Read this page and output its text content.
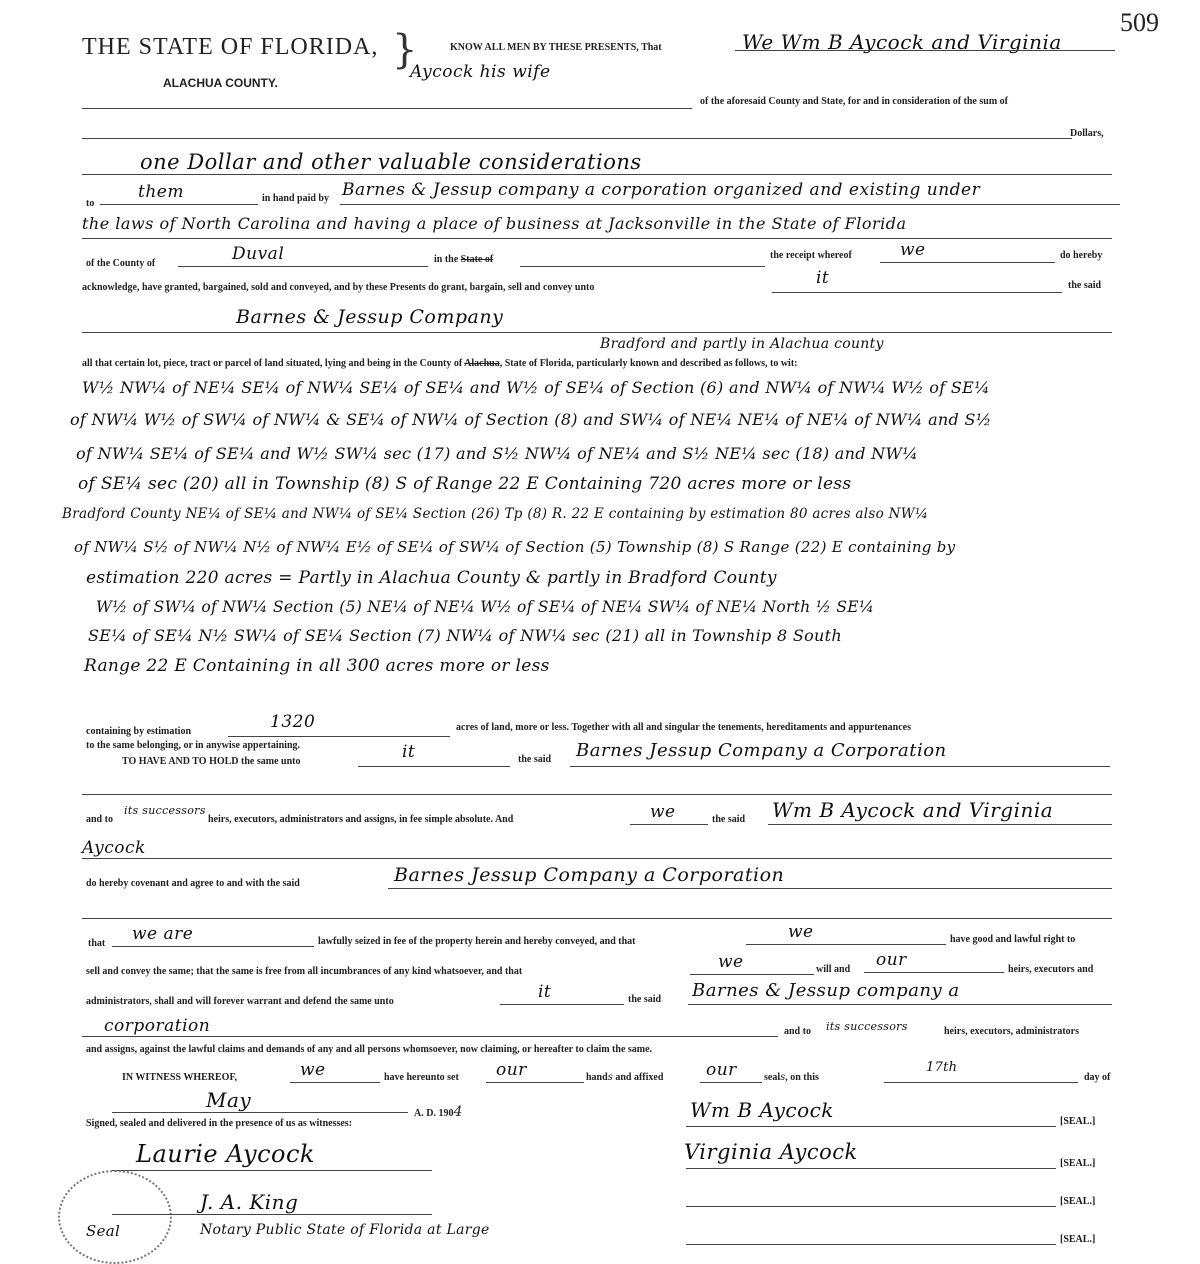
509
THE STATE OF FLORIDA, }
ALACHUA COUNTY.
KNOW ALL MEN BY THESE PRESENTS, That	We Wm B Aycock and Virginia
Aycock his wife
of the aforesaid County and State, for and in consideration of the sum of
Dollars,
one Dollar and other valuable considerations
to
them	in hand paid by Barnes & Jessup company a corporation organized and existing under
the laws of North Carolina and having a place of business at Jacksonville in the State of Florida
of the County of	Duval	in the State of	the receipt whereof	we	do hereby
acknowledge, have granted, bargained, sold and conveyed, and by these Presents do grant, bargain, sell and convey unto	it	the said
Barnes & Jessup Company
Bradford and partly in Alachua county
all that certain lot, piece, tract or parcel of land situated, lying and being in the County of Alachua, State of Florida, particularly known and described as follows, to wit:
W½ NW¼ of NE¼ SE¼ of NW¼ SE¼ of SE¼ and W½ of SE¼ of Section (6) and NW¼ of NW¼ W½ of SE¼
of NW¼ W½ of SW¼ of NW¼ & SE¼ of NW¼ of Section (8) and SW¼ of NE¼ NE¼ of NE¼ of NW¼ and S½
of NW¼ SE¼ of SE¼ and W½ SW¼ sec (17) and S½ NW¼ of NE¼ and S½ NE¼ sec (18) and NW¼
of SE¼ sec (20) all in Township (8) S of Range 22 E Containing 720 acres more or less
Bradford County NE¼ of SE¼ and NW¼ of SE¼ Section (26) Tp (8) R. 22 E containing by estimation 80 acres also NW¼
of NW¼ S½ of NW¼ N½ of NW¼ E½ of SE¼ of SW¼ of Section (5) Township (8) S Range (22) E containing by
estimation 220 acres = Partly in Alachua County & partly in Bradford County
W½ of SW¼ of NW¼ Section (5) NE¼ of NE¼ W½ of SE¼ of NE¼ SW¼ of NE¼ North ½ SE¼
SE¼ of SE¼ N½ SW¼ of SE¼ Section (7) NW¼ of NW¼ sec (21) all in Township 8 South
Range 22 E Containing in all 300 acres more or less
containing by estimation	1320	acres of land, more or less. Together with all and singular the tenements, hereditaments and appurtenances
to the same belonging, or in anywise appertaining.
TO HAVE AND TO HOLD the same unto	it	the said Barnes Jessup Company a Corporation
and to
its successors
heirs, executors, administrators and assigns, in fee simple absolute. And	we	the said Wm B Aycock and Virginia
Aycock
do hereby covenant and agree to and with the said	Barnes Jessup Company a Corporation
that we are	lawfully seized in fee of the property herein and hereby conveyed, and that	we	have good and lawful right to
sell and convey the same; that the same is free from all incumbrances of any kind whatsoever, and that	we	will and our	heirs, executors and
administrators, shall and will forever warrant and defend the same unto	it	the said Barnes & Jessup company a
corporation	and to its successors	heirs, executors, administrators
and assigns, against the lawful claims and demands of any and all persons whomsoever, now claiming, or hereafter to claim the same.
IN WITNESS WHEREOF,	we	have hereunto set our	hands and affixed	our	seals, on this
17th
day of
May
A. D. 1904
Signed, sealed and delivered in the presence of us as witnesses:
Wm B Aycock	[SEAL.]
Virginia Aycock	[SEAL.]
[SEAL.]
[SEAL.]
Laurie Aycock
J. A. King
Seal	Notary Public State of Florida at Large
